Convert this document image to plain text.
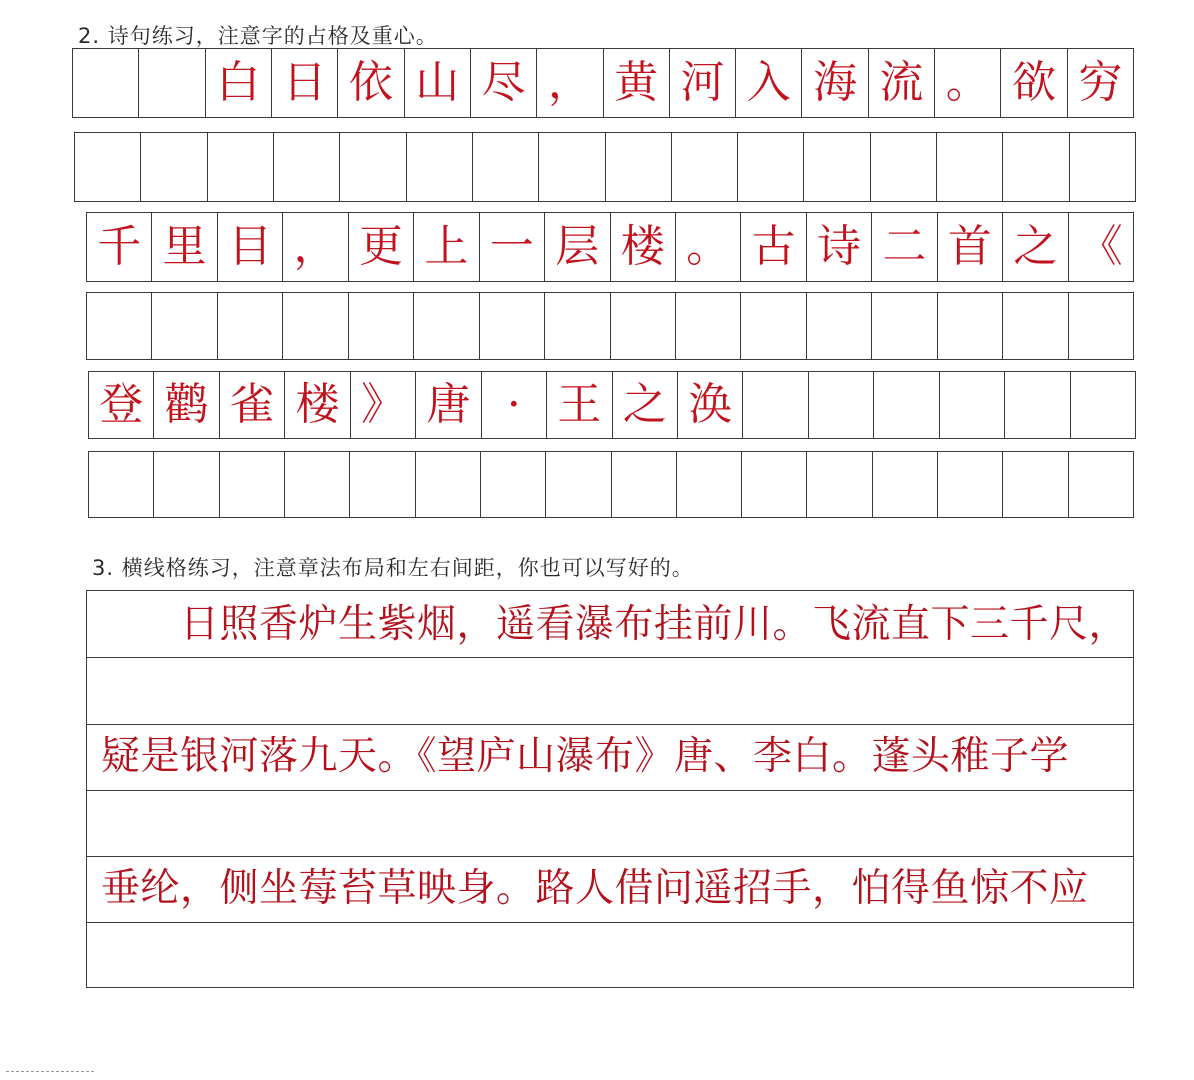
2. 诗句练习，注意字的占格及重心。
白 日 依 山 尽 ， 黄 河 入 海 流 。 欲 穷
千 里 目 ， 更 上 一 层 楼 。 古 诗 二 首 之 《
登 鹳 雀 楼 》 唐 · 王 之 涣
3. 横线格练习，注意章法布局和左右间距，你也可以写好的。
　　日照香炉生紫烟，遥看瀑布挂前川。飞流直下三千尺，
疑是银河落九天。《望庐山瀑布》唐、李白。蓬头稚子学
垂纶，侧坐莓苔草映身。路人借问遥招手，怕得鱼惊不应
